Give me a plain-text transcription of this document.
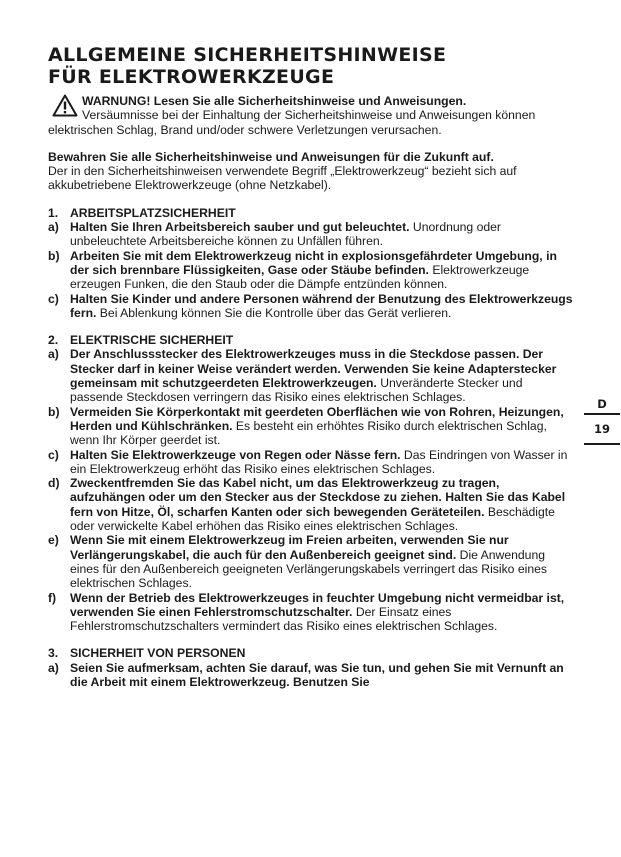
ALLGEMEINE SICHERHEITSHINWEISE FÜR ELEKTROWERKZEUGE
WARNUNG! Lesen Sie alle Sicherheitshinweise und Anweisungen.
Versäumnisse bei der Einhaltung der Sicherheitshinweise und Anweisungen können elektrischen Schlag, Brand und/oder schwere Verletzungen verursachen.
Bewahren Sie alle Sicherheitshinweise und Anweisungen für die Zukunft auf.
Der in den Sicherheitshinweisen verwendete Begriff „Elektrowerkzeug“ bezieht sich auf akkubetriebene Elektrowerkzeuge (ohne Netzkabel).
1. ARBEITSPLATZSICHERHEIT
a) Halten Sie Ihren Arbeitsbereich sauber und gut beleuchtet. Unordnung oder unbeleuchtete Arbeitsbereiche können zu Unfällen führen.
b) Arbeiten Sie mit dem Elektrowerkzeug nicht in explosionsgefährdeter Umgebung, in der sich brennbare Flüssigkeiten, Gase oder Stäube befinden. Elektrowerkzeuge erzeugen Funken, die den Staub oder die Dämpfe entzünden können.
c) Halten Sie Kinder und andere Personen während der Benutzung des Elektrowerkzeugs fern. Bei Ablenkung können Sie die Kontrolle über das Gerät verlieren.
2. ELEKTRISCHE SICHERHEIT
a) Der Anschlussstecker des Elektrowerkzeuges muss in die Steckdose passen. Der Stecker darf in keiner Weise verändert werden. Verwenden Sie keine Adapterstecker gemeinsam mit schutzgeerdeten Elektrowerkzeugen. Unveränderte Stecker und passende Steckdosen verringern das Risiko eines elektrischen Schlages.
b) Vermeiden Sie Körperkontakt mit geerdeten Oberflächen wie von Rohren, Heizungen, Herden und Kühlschränken. Es besteht ein erhöhtes Risiko durch elektrischen Schlag, wenn Ihr Körper geerdet ist.
c) Halten Sie Elektrowerkzeuge von Regen oder Nässe fern. Das Eindringen von Wasser in ein Elektrowerkzeug erhöht das Risiko eines elektrischen Schlages.
d) Zweckentfremden Sie das Kabel nicht, um das Elektrowerkzeug zu tragen, aufzuhängen oder um den Stecker aus der Steckdose zu ziehen. Halten Sie das Kabel fern von Hitze, Öl, scharfen Kanten oder sich bewegenden Geräteteilen. Beschädigte oder verwickelte Kabel erhöhen das Risiko eines elektrischen Schlages.
e) Wenn Sie mit einem Elektrowerkzeug im Freien arbeiten, verwenden Sie nur Verlängerungskabel, die auch für den Außenbereich geeignet sind. Die Anwendung eines für den Außenbereich geeigneten Verlängerungskabels verringert das Risiko eines elektrischen Schlages.
f)	Wenn der Betrieb des Elektrowerkzeuges in feuchter Umgebung nicht vermeidbar ist, verwenden Sie einen Fehlerstromschutzschalter. Der Einsatz eines Fehlerstromschutzschalters vermindert das Risiko eines elektrischen Schlages.
3. SICHERHEIT VON PERSONEN
a) Seien Sie aufmerksam, achten Sie darauf, was Sie tun, und gehen Sie mit Vernunft an die Arbeit mit einem Elektrowerkzeug. Benutzen Sie
D
19
